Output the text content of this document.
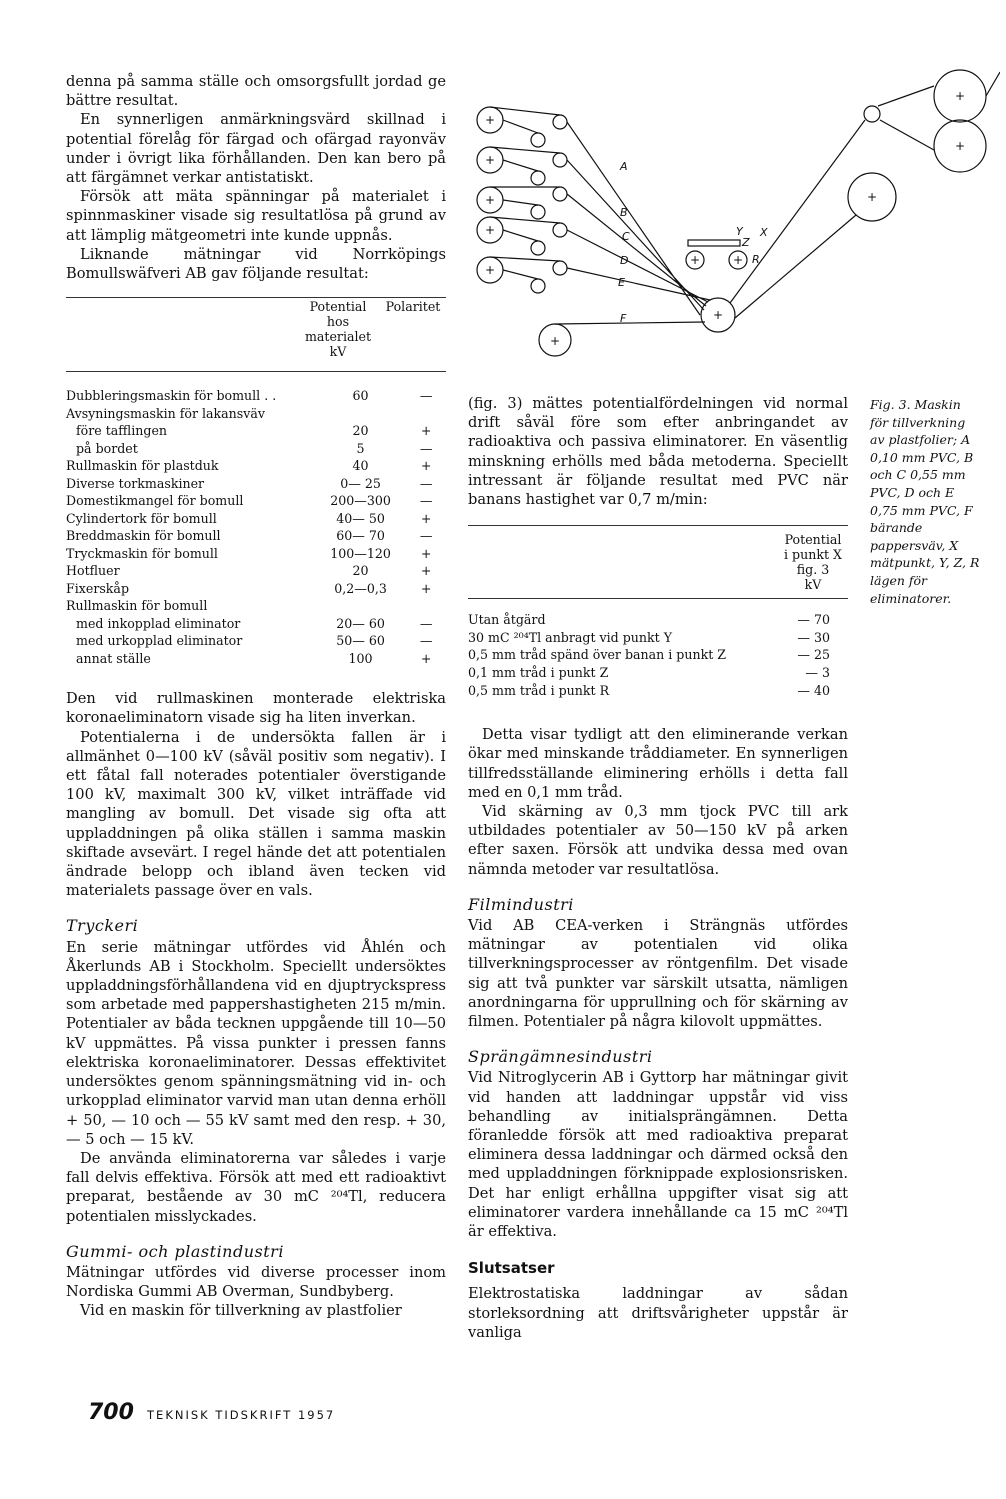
denna på samma ställe och omsorgsfullt jordad ge bättre resultat.

En synnerligen anmärkningsvärd skillnad i potential förelåg för färgad och ofärgad rayonväv under i övrigt lika förhållanden. Den kan bero på att färgämnet verkar antistatiskt.

Försök att mäta spänningar på materialet i spinnmaskiner visade sig resultatlösa på grund av att lämplig mätgeometri inte kunde uppnås.

Liknande mätningar vid Norrköpings Bomullswäfveri AB gav följande resultat:

Potential
hos
materialet
kV
Polaritet
Dubbleringsmaskin för bomull . .	60	—
Avsyningsmaskin för lakansväv		
före tafflingen	20	+
på bordet	5	—
Rullmaskin för plastduk	40	+
Diverse torkmaskiner	0— 25	—
Domestikmangel för bomull	200—300	—
Cylindertork för bomull	40— 50	+
Breddmaskin för bomull	60— 70	—
Tryckmaskin för bomull	100—120	+
Hotfluer	20	+
Fixerskåp	0,2—0,3	+
Rullmaskin för bomull		
med inkopplad eliminator	20— 60	—
med urkopplad eliminator	50— 60	—
annat ställe	100	+

Den vid rullmaskinen monterade elektriska koronaeliminatorn visade sig ha liten inverkan.

Potentialerna i de undersökta fallen är i allmänhet 0—100 kV (såväl positiv som negativ). I ett fåtal fall noterades potentialer överstigande 100 kV, maximalt 300 kV, vilket inträffade vid mangling av bomull. Det visade sig ofta att uppladdningen på olika ställen i samma maskin skiftade avsevärt. I regel hände det att potentialen ändrade belopp och ibland även tecken vid materialets passage över en vals.

Tryckeri

En serie mätningar utfördes vid Åhlén och Åkerlunds AB i Stockholm. Speciellt undersöktes uppladdningsförhållandena vid en djuptryckspress som arbetade med pappershastigheten 215 m/min. Potentialer av båda tecknen uppgående till 10—50 kV uppmättes. På vissa punkter i pressen fanns elektriska koronaeliminatorer. Dessas effektivitet undersöktes genom spänningsmätning vid in- och urkopplad eliminator varvid man utan denna erhöll + 50, — 10 och — 55 kV samt med den resp. + 30, — 5 och — 15 kV.

De använda eliminatorerna var således i varje fall delvis effektiva. Försök att med ett radioaktivt preparat, bestående av 30 mC ²⁰⁴Tl, reducera potentialen misslyckades.

Gummi- och plastindustri

Mätningar utfördes vid diverse processer inom Nordiska Gummi AB Overman, Sundbyberg.

Vid en maskin för tillverkning av plastfolier

A
B
C
D
E
F
X
Y
Z
R
+
+
+
+
+
+
+
+	+
+
+
+

(fig. 3) mättes potentialfördelningen vid normal drift såväl före som efter anbringandet av radioaktiva och passiva eliminatorer. En väsentlig minskning erhölls med båda metoderna. Speciellt intressant är följande resultat med PVC när banans hastighet var 0,7 m/min:

Potential
i punkt X
fig. 3
kV
Utan åtgärd	— 70
30 mC ²⁰⁴Tl anbragt vid punkt Y	— 30
0,5 mm tråd spänd över banan i punkt Z	— 25
0,1 mm tråd i punkt Z	— 3
0,5 mm tråd i punkt R	— 40

Detta visar tydligt att den eliminerande verkan ökar med minskande tråddiameter. En synnerligen tillfredsställande eliminering erhölls i detta fall med en 0,1 mm tråd.

Vid skärning av 0,3 mm tjock PVC till ark utbildades potentialer av 50—150 kV på arken efter saxen. Försök att undvika dessa med ovan nämnda metoder var resultatlösa.

Filmindustri

Vid AB CEA-verken i Strängnäs utfördes mätningar av potentialen vid olika tillverkningsprocesser av röntgenfilm. Det visade sig att två punkter var särskilt utsatta, nämligen anordningarna för upprullning och för skärning av filmen. Potentialer på några kilovolt uppmättes.

Sprängämnesindustri

Vid Nitroglycerin AB i Gyttorp har mätningar givit vid handen att laddningar uppstår vid viss behandling av initialsprängämnen. Detta föranledde försök att med radioaktiva preparat eliminera dessa laddningar och därmed också den med uppladdningen förknippade explosionsrisken. Det har enligt erhållna uppgifter visat sig att eliminatorer vardera innehållande ca 15 mC ²⁰⁴Tl är effektiva.

Slutsatser

Elektrostatiska laddningar av sådan storleksordning att driftsvårigheter uppstår är vanliga

Fig. 3. Maskin för tillverkning av plastfolier; A 0,10 mm PVC, B och C 0,55 mm PVC, D och E 0,75 mm PVC, F bärande pappersväv, X mätpunkt, Y, Z, R lägen för eliminatorer.
700 TEKNISK TIDSKRIFT 1957
